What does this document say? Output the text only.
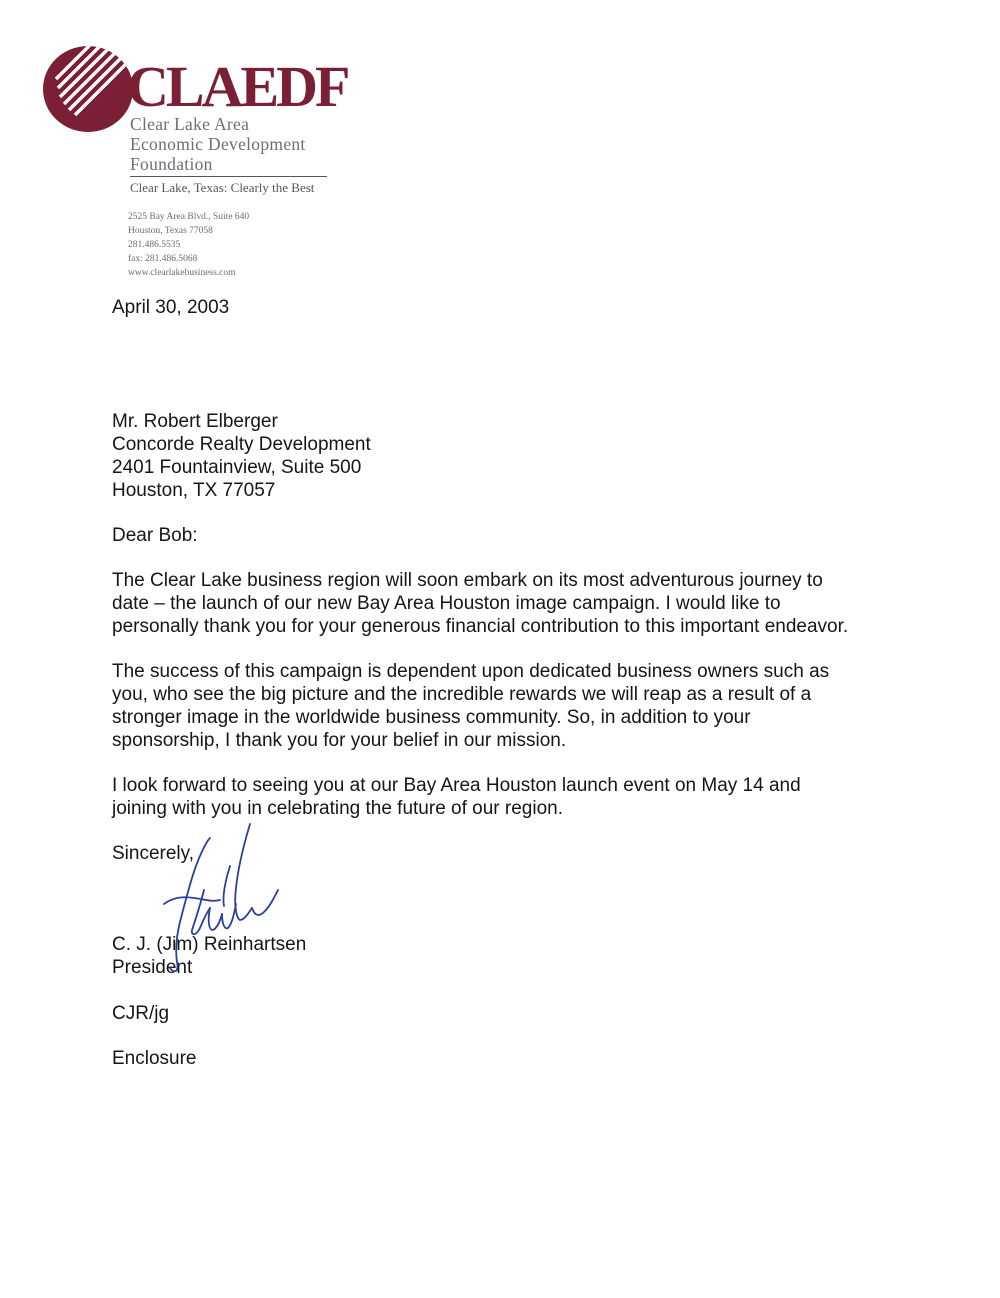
CLAEDF
Clear Lake Area
Economic Development
Foundation
Clear Lake, Texas: Clearly the Best
2525 Bay Area Blvd., Suite 640
Houston, Texas 77058
281.486.5535
fax: 281.486.5068
www.clearlakebusiness.com
April 30, 2003
Mr. Robert Elberger
Concorde Realty Development
2401 Fountainview, Suite 500
Houston, TX 77057
Dear Bob:
The Clear Lake business region will soon embark on its most adventurous journey to
date – the launch of our new Bay Area Houston image campaign. I would like to
personally thank you for your generous financial contribution to this important endeavor.
The success of this campaign is dependent upon dedicated business owners such as
you, who see the big picture and the incredible rewards we will reap as a result of a
stronger image in the worldwide business community. So, in addition to your
sponsorship, I thank you for your belief in our mission.
I look forward to seeing you at our Bay Area Houston launch event on May 14 and
joining with you in celebrating the future of our region.
Sincerely,
C. J. (Jim) Reinhartsen
President
CJR/jg
Enclosure
